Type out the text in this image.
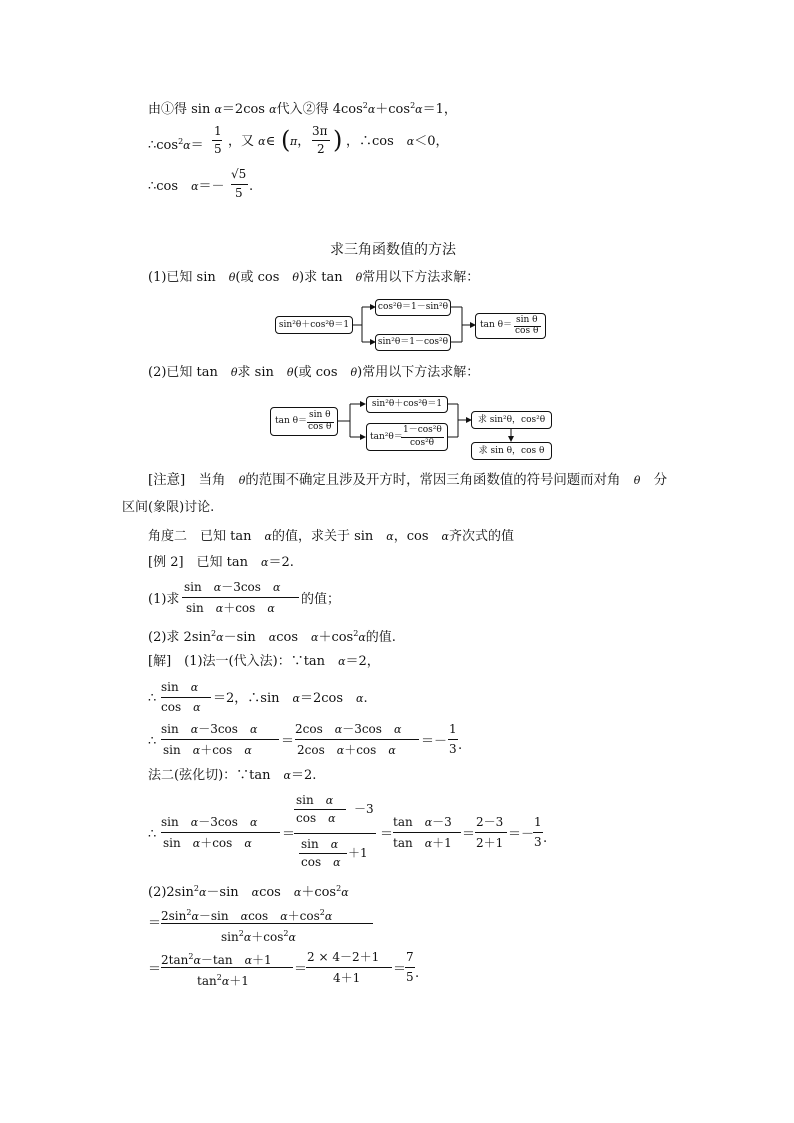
由①得 sin α＝2cos α代入②得 $4\cos^2\alpha+\cos^2\alpha=1$，
$\therefore\cos^2\alpha=$
1
5 ，又 α∈ ( π，
3π
2 ) ，∴cos　 α＜0，
∴cos　 α＝－
√5
5 .
求三角函数值的方法
(1)已知 sin　 θ(或 cos　 θ)求 tan　 θ常用以下方法求解：
sin²θ＋cos²θ＝1
cos²θ＝1－sin²θ
sin²θ＝1－cos²θ
tan θ＝ sin θ
cos θ
(2)已知 tan　 θ求 sin　 θ(或 cos　 θ)常用以下方法求解：
tan θ＝
sin θ
cos θ
sin²θ＋cos²θ＝1
tan²θ＝
1－cos²θ
cos²θ
求 sin²θ，cos²θ
求 sin θ，cos θ
[注意]　当角　 θ的范围不确定且涉及开方时，常因三角函数值的符号问题而对角　 θ　 分
区间(象限)讨论.
角度二　已知 tan　 α的值，求关于 sin　 α，cos　 α齐次式的值
[例 2]　已知 tan　 α＝2.
(1)求
sin　 α－3cos　 α
sin　 α＋cos　 α
的值；
(2)求 $2\sin^2\alpha-\sin$　 αcos　 $\alpha+\cos^2\alpha$的值.
[解]　(1)法一(代入法)：∵tan　 α＝2，
∴
sin　 α
cos　 α
＝2，∴sin　 α＝2cos　 α.
∴
sin　 α－3cos　 α
sin　 α＋cos　 α
＝
2cos　 α－3cos　 α
2cos　 α＋cos　 α
＝－
1
3 .
法二(弦化切)：∵tan　 α＝2.
∴
sin　 α－3cos　 α
sin　 α＋cos　 α
＝
sin　 α
cos　 α
－3
sin　 α
cos　 α
＋1
＝
tan　 α－3
tan　 α＋1
＝
2－3
2＋1
＝－
1
3 .
$(2)2\sin^2\alpha-\sin$　 αcos　 $\alpha+\cos^2\alpha$
＝ $2\sin^2\alpha-\sin$　 αcos　 $\alpha+\cos^2\alpha$
$\sin^2\alpha+\cos^2\alpha$
＝
$2\tan^2\alpha-\tan$　 α＋1
$\tan^2\alpha+1$
＝
2 × 4－2＋1
4＋1
＝
7
5 .
